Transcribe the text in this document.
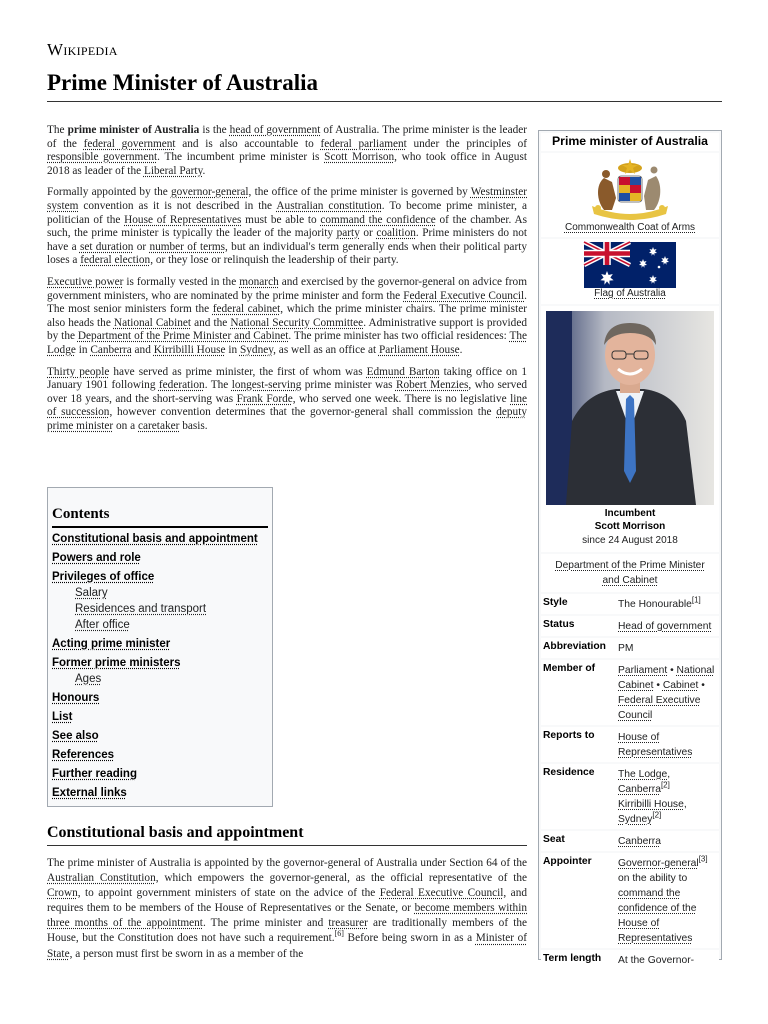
Wikipedia
Prime Minister of Australia

The prime minister of Australia is the head of government of Australia. The prime minister is the leader of the federal government and is also accountable to federal parliament under the principles of responsible government. The incumbent prime minister is Scott Morrison, who took office in August 2018 as leader of the Liberal Party.

Formally appointed by the governor-general, the office of the prime minister is governed by Westminster system convention as it is not described in the Australian constitution. To become prime minister, a politician of the House of Representatives must be able to command the confidence of the chamber. As such, the prime minister is typically the leader of the majority party or coalition. Prime ministers do not have a set duration or number of terms, but an individual's term generally ends when their political party loses a federal election, or they lose or relinquish the leadership of their party.

Executive power is formally vested in the monarch and exercised by the governor-general on advice from government ministers, who are nominated by the prime minister and form the Federal Executive Council. The most senior ministers form the federal cabinet, which the prime minister chairs. The prime minister also heads the National Cabinet and the National Security Committee. Administrative support is provided by the Department of the Prime Minister and Cabinet. The prime minister has two official residences: The Lodge in Canberra and Kirribilli House in Sydney, as well as an office at Parliament House.

Thirty people have served as prime minister, the first of whom was Edmund Barton taking office on 1 January 1901 following federation. The longest-serving prime minister was Robert Menzies, who served over 18 years, and the short-serving was Frank Forde, who served one week. There is no legislative line of succession, however convention determines that the governor-general shall commission the deputy prime minister on a caretaker basis.

Contents
Constitutional basis and appointment
Powers and role
Privileges of office
Salary
Residences and transport
After office
Acting prime minister
Former prime ministers
Ages
Honours
List
See also
References
Further reading
External links
Constitutional basis and appointment
The prime minister of Australia is appointed by the governor-general of Australia under Section 64 of the Australian Constitution, which empowers the governor-general, as the official representative of the Crown, to appoint government ministers of state on the advice of the Federal Executive Council, and requires them to be members of the House of Representatives or the Senate, or become members within three months of the appointment. The prime minister and treasurer are traditionally members of the House, but the Constitution does not have such a requirement.[6] Before being sworn in as a Minister of State, a person must first be sworn in as a member of the
Prime minister of Australia
Commonwealth Coat of Arms
Flag of Australia
Incumbent
Scott Morrison
since 24 August 2018
Department of the Prime Minister and Cabinet
Style	The Honourable[1]
Status	Head of government
Abbreviation	PM
Member of	Parliament • National Cabinet • Cabinet • Federal Executive Council
Reports to	House of Representatives
Residence	The Lodge, Canberra[2]
Kirribilli House, Sydney[2]
Seat	Canberra
Appointer	Governor-general[3] on the ability to command the confidence of the House of Representatives
Term length	At the Governor-
